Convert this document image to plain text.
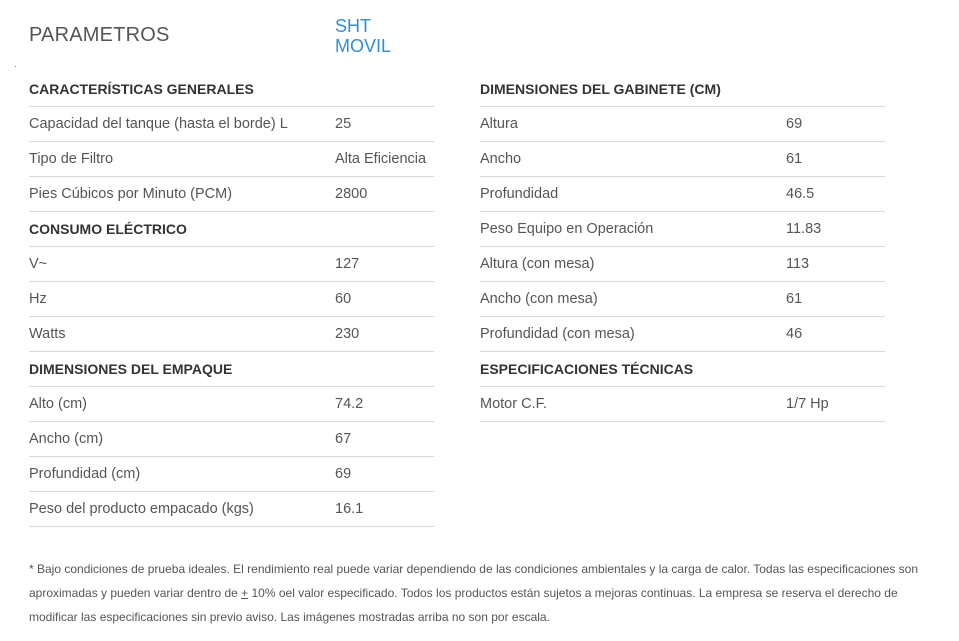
PARAMETROS	SHT
MOVIL
CARACTERÍSTICAS GENERALES
Capacidad del tanque (hasta el borde) L	25
Tipo de Filtro	Alta Eficiencia
Pies Cúbicos por Minuto (PCM)	2800
CONSUMO ELÉCTRICO
V~	127
Hz	60
Watts	230
DIMENSIONES DEL EMPAQUE
Alto (cm)	74.2
Ancho (cm)	67
Profundidad (cm)	69
Peso del producto empacado (kgs)	16.1
DIMENSIONES DEL GABINETE (CM)
Altura	69
Ancho	61
Profundidad	46.5
Peso Equipo en Operación	11.83
Altura (con mesa)	113
Ancho (con mesa)	61
Profundidad (con mesa)	46
ESPECIFICACIONES TÉCNICAS
Motor C.F.	1/7 Hp
* Bajo condiciones de prueba ideales. El rendimiento real puede variar dependiendo de las condiciones ambientales y la carga de calor. Todas las especificaciones son aproximadas y pueden variar dentro de + 10% oel valor especificado. Todos los productos están sujetos a mejoras continuas. La empresa se reserva el derecho de modificar las especificaciones sin previo aviso. Las imágenes mostradas arriba no son por escala.
